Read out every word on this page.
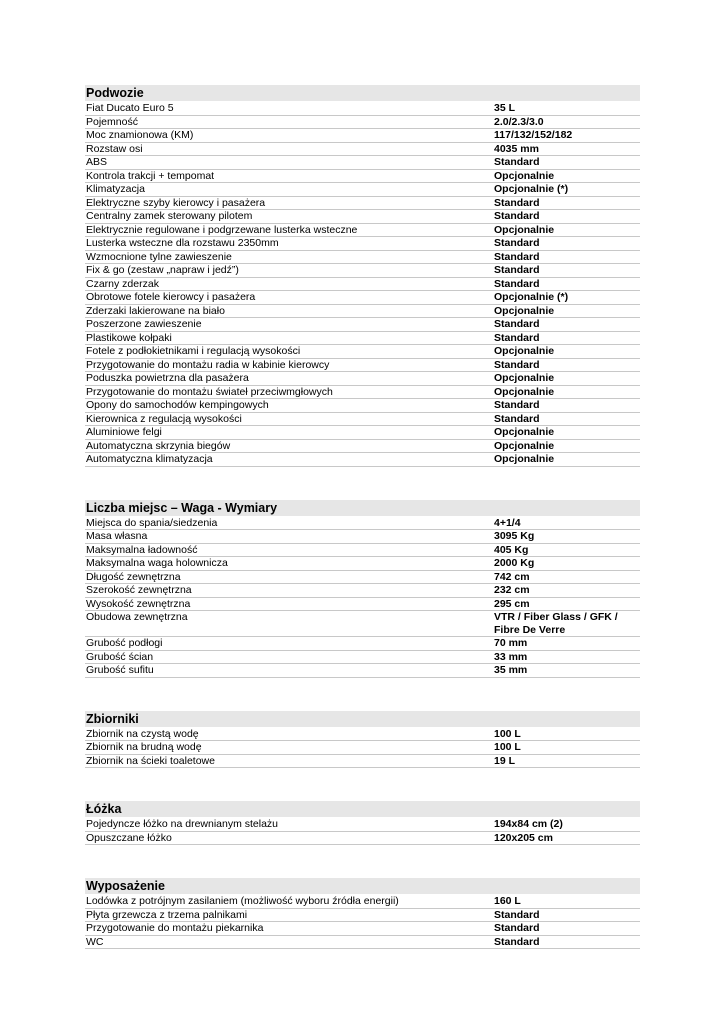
Podwozie
Fiat Ducato Euro 5	35 L
Pojemność	2.0/2.3/3.0
Moc znamionowa (KM)	117/132/152/182
Rozstaw osi	4035 mm
ABS	Standard
Kontrola trakcji + tempomat	Opcjonalnie
Klimatyzacja	Opcjonalnie (*)
Elektryczne szyby kierowcy i pasażera	Standard
Centralny zamek sterowany pilotem	Standard
Elektrycznie regulowane i podgrzewane lusterka wsteczne	Opcjonalnie
Lusterka wsteczne dla rozstawu 2350mm	Standard
Wzmocnione tylne zawieszenie	Standard
Fix & go (zestaw „napraw i jedź”)	Standard
Czarny zderzak	Standard
Obrotowe fotele kierowcy i pasażera	Opcjonalnie (*)
Zderzaki lakierowane na biało	Opcjonalnie
Poszerzone zawieszenie	Standard
Plastikowe kołpaki	Standard
Fotele z podłokietnikami i regulacją wysokości	Opcjonalnie
Przygotowanie do montażu radia w kabinie kierowcy	Standard
Poduszka powietrzna dla pasażera	Opcjonalnie
Przygotowanie do montażu świateł przeciwmgłowych	Opcjonalnie
Opony do samochodów kempingowych	Standard
Kierownica z regulacją wysokości	Standard
Aluminiowe felgi	Opcjonalnie
Automatyczna skrzynia biegów	Opcjonalnie
Automatyczna klimatyzacja	Opcjonalnie
Liczba miejsc – Waga - Wymiary
Miejsca do spania/siedzenia	4+1/4
Masa własna	3095 Kg
Maksymalna ładowność	405 Kg
Maksymalna waga holownicza	2000 Kg
Długość zewnętrzna	742 cm
Szerokość zewnętrzna	232 cm
Wysokość zewnętrzna	295 cm
Obudowa zewnętrzna	VTR / Fiber Glass / GFK / Fibre De Verre
Grubość podłogi	70 mm
Grubość ścian	33 mm
Grubość sufitu	35 mm
Zbiorniki
Zbiornik na czystą wodę	100 L
Zbiornik na brudną wodę	100 L
Zbiornik na ścieki toaletowe	19 L
Łóżka
Pojedyncze łóżko na drewnianym stelażu	194x84 cm (2)
Opuszczane łóżko	120x205 cm
Wyposażenie
Lodówka z potrójnym zasilaniem (możliwość wyboru źródła energii)	160 L
Płyta grzewcza z trzema palnikami	Standard
Przygotowanie do montażu piekarnika	Standard
WC	Standard
